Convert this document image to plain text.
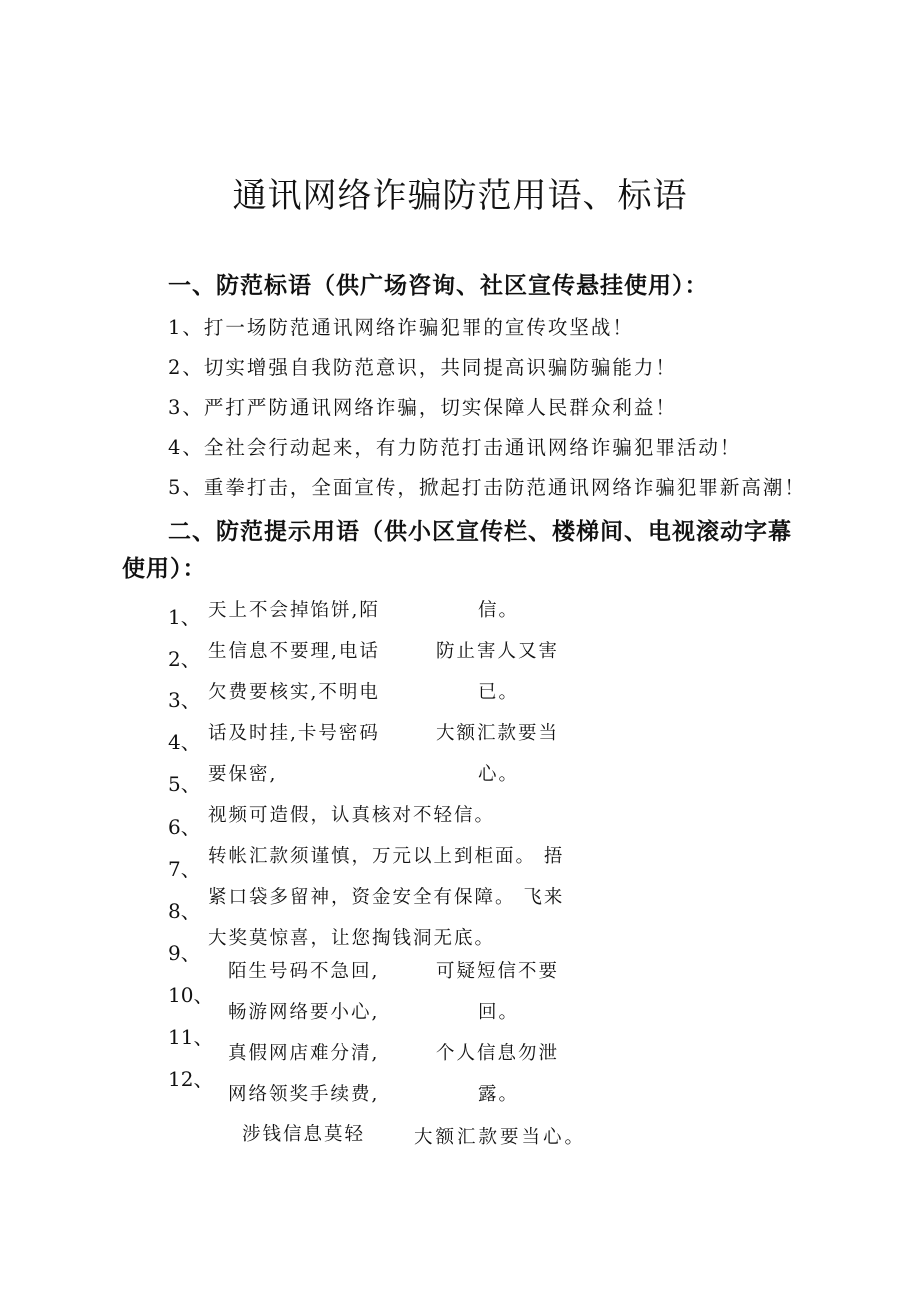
通讯网络诈骗防范用语、标语
一、防范标语（供广场咨询、社区宣传悬挂使用）：
1、打一场防范通讯网络诈骗犯罪的宣传攻坚战！
2、切实增强自我防范意识，共同提高识骗防骗能力！
3、严打严防通讯网络诈骗，切实保障人民群众利益！
4、全社会行动起来，有力防范打击通讯网络诈骗犯罪活动！
5、重拳打击，全面宣传，掀起打击防范通讯网络诈骗犯罪新高潮！
二、防范提示用语（供小区宣传栏、楼梯间、电视滚动字幕
使用）：
1、
2、
3、
4、
5、
6、
7、
8、
9、
10、
11、
12、
天上不会掉馅饼,陌
生信息不要理,电话
欠费要核实,不明电
话及时挂,卡号密码
要保密,
视频可造假，认真核对不轻信。
转帐汇款须谨慎，万元以上到柜面。 捂
紧口袋多留神，资金安全有保障。 飞来
大奖莫惊喜，让您掏钱洞无底。
陌生号码不急回,
畅游网络要小心,
真假网店难分清,
网络领奖手续费,
涉钱信息莫轻
信。
防止害人又害
已。
大额汇款要当
心。
可疑短信不要
回。
个人信息勿泄
露。
大额汇款要当心。
